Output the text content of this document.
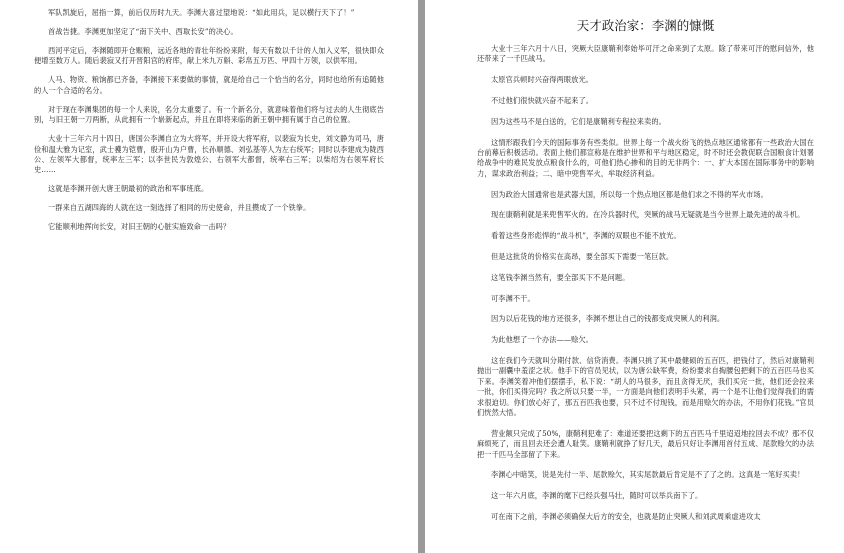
军队凯旋后，屈指一算，前后仅历时九天。李渊大喜过望地说：“如此用兵，足以横行天下了！”

首战告捷。李渊更加坚定了“南下关中、西取长安”的决心。

西河平定后，李渊随即开仓赈粮，远近各地的青壮年纷纷来附，每天有数以千计的人加入义军，很快即众便增至数万人。随后裴寂又打开晋阳宫的府库，献上米九万斛、彩帛五万匹、甲四十万领，以供军用。

人马、物资、粮饷都已齐备，李渊接下来要做的事情，就是给自己一个恰当的名分，同时也给所有追随他的人一个合适的名分。

对于现在李渊集团的每一个人来说，名分太重要了。有一个新名分，就意味着他们将与过去的人生彻底告别，与旧王朝一刀两断，从此拥有一个崭新起点，并且在即将来临的新王朝中拥有属于自己的位置。

大业十三年六月十四日，唐国公李渊自立为大将军，并开设大将军府，以裴寂为长史，刘文静为司马，唐俭和温大雅为记室，武士彟为铠曹，殷开山为户曹，长孙顺德、刘弘基等人为左右统军；同时以李建成为陇西公、左领军大都督，统率左三军；以李世民为敦煌公、右领军大都督，统率右三军；以柴绍为右领军府长史……

这就是李渊开创大唐王朝最初的政治和军事班底。

一群来自五湖四海的人就在这一刻选择了相同的历史使命，并且攒成了一个铁拳。

它能顺利地挥向长安，对旧王朝的心脏实施致命一击吗？

天才政治家：李渊的慷慨

大业十三年六月十八日，突厥大臣康鞘利奉始毕可汗之命来到了太原。除了带来可汗的慰问信外，他还带来了一千匹战马。

太原官兵顿时兴奋得两眼放光。

不过他们很快就兴奋不起来了。

因为这些马不是白送的，它们是康鞘利专程拉来卖的。

这情形跟我们今天的国际事务有些类似。世界上每一个战火纷飞的热点地区通常都有一些政治大国在台前幕后积极活动。表面上他们都宣称是在维护世界和平与地区稳定，时不时还会教促联合国粮食计划署给战争中的难民发放点粮食什么的，可他们热心掺和的目的无非两个：一、扩大本国在国际事务中的影响力，谋求政治利益；二、暗中兜售军火，牟取经济利益。

因为政治大国通常也是武器大国，所以每一个热点地区都是他们求之不得的军火市场。

现在康鞘利就是来兜售军火的。在冷兵器时代，突厥的战马无疑就是当今世界上最先进的战斗机。

看着这些身形彪悍的“战斗机”，李渊的双眼也不能不放光。

但是这批货的价格实在高昂，要全部买下需要一笔巨款。

这笔钱李渊当然有，要全部买下不是问题。

可李渊不干。

因为以后花钱的地方还很多，李渊不想让自己的钱都变成突厥人的利润。

为此他想了一个办法——赊欠。

这在我们今天就叫分期付款、信贷消费。李渊只挑了其中最健硕的五百匹，把钱付了，然后对康鞘利抛出一副囊中羞涩之状。他手下的官员见状，以为唐公缺军费，纷纷要求自掏腰包把剩下的五百匹马也买下来。李渊笑着冲他们摆摆手，私下说：“胡人的马很多，而且贪得无厌，我们买完一批，他们还会拉来一批，你们买得完吗？我之所以只要一半，一方面是向他们表明手头紧，再一个是不让他们觉得我们的需求很迫切。你们放心好了，那五百匹我也要，只不过不付现钱，而是用赊欠的办法，不用你们花钱。”官员们恍然大悟。

营业额只完成了50%，康鞘利犯难了：难道还要把这剩下的五百匹马千里迢迢地拉回去不成？那不仅麻烦死了，而且回去还会遭人耻笑。康鞘利就挣了好几天，最后只好让李渊用首付五成、尾款赊欠的办法把一千匹马全部留了下来。

李渊心中暗笑，说是先付一半、尾款赊欠，其实尾款最后肯定是不了了之的。这真是一笔好买卖！

这一年六月底，李渊的麾下已经兵强马壮，随时可以举兵南下了。

可在南下之前，李渊必须确保大后方的安全，也就是防止突厥人和刘武周乘虚进攻太
